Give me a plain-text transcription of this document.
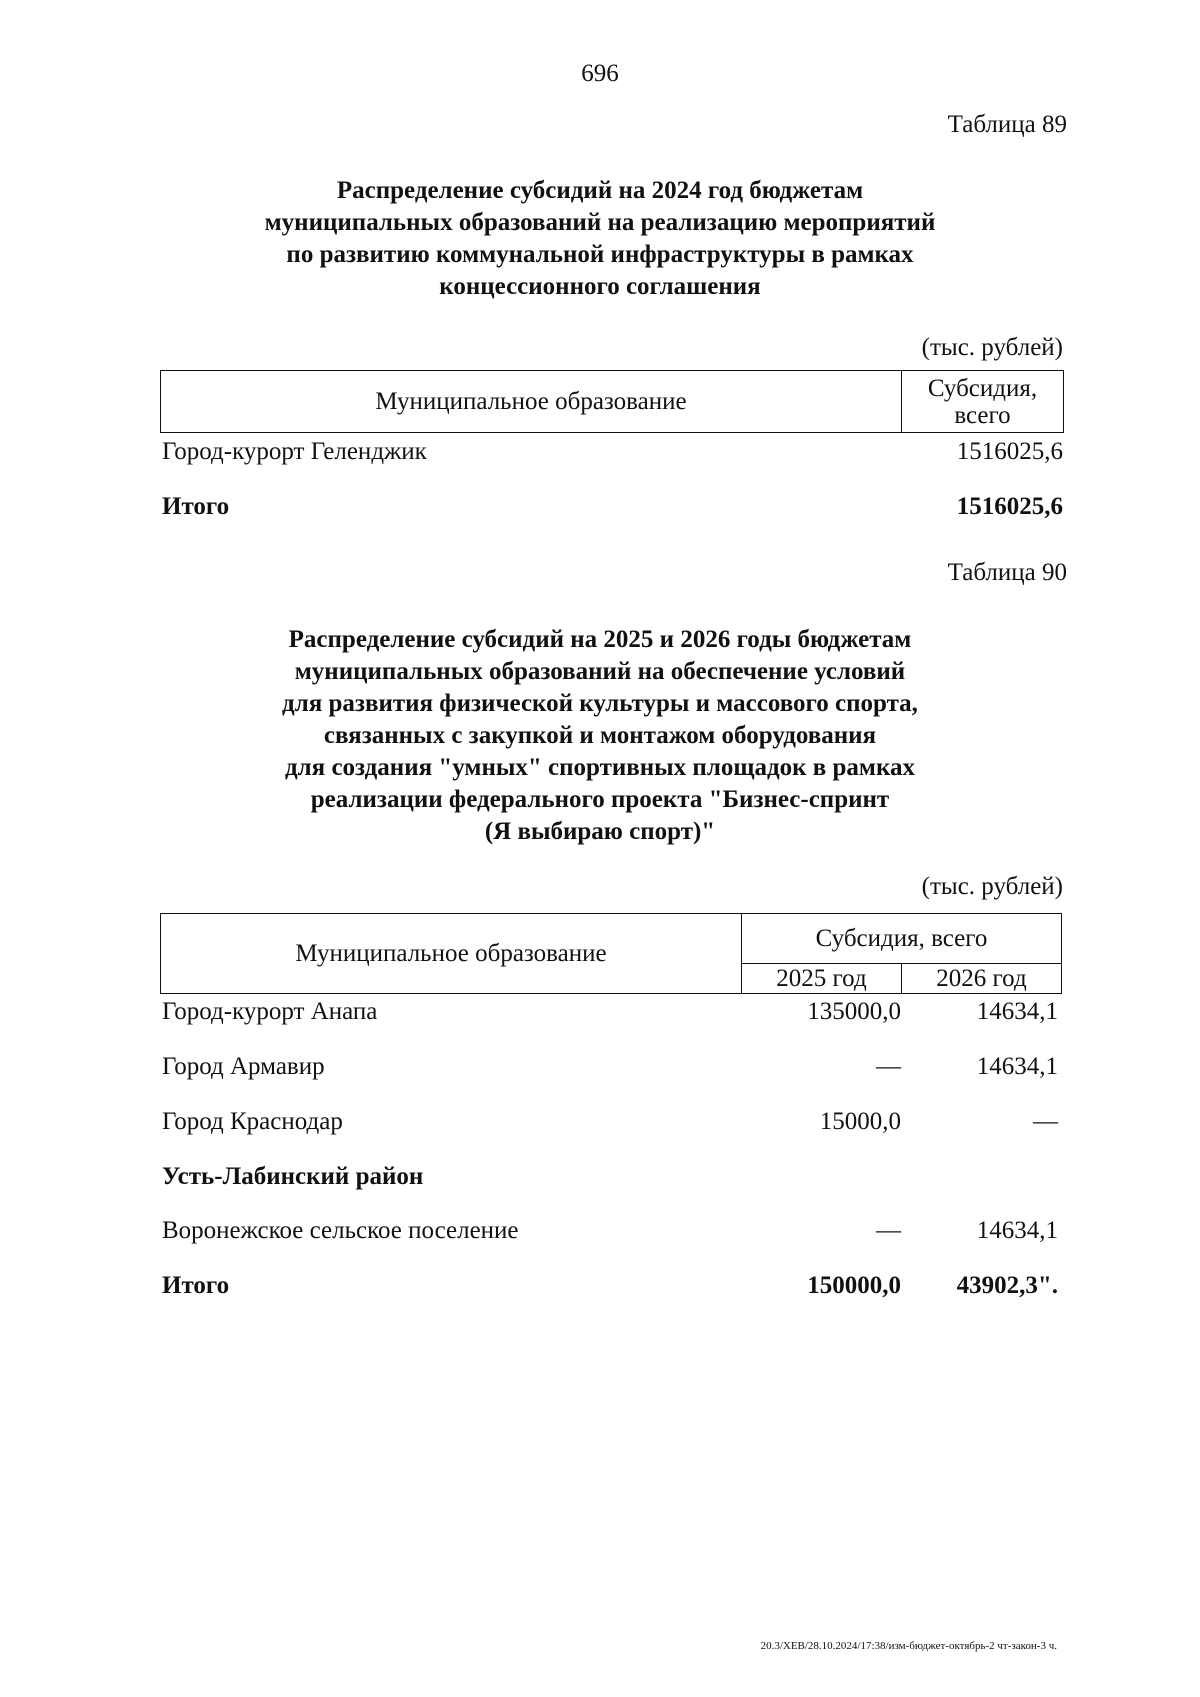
696
Таблица 89
Распределение субсидий на 2024 год бюджетам
муниципальных образований на реализацию мероприятий
по развитию коммунальной инфраструктуры в рамках
концессионного соглашения
(тыс. рублей)
Муниципальное образование	Субсидия,
всего
Город-курорт Геленджик	1516025,6
Итого	1516025,6
Таблица 90
Распределение субсидий на 2025 и 2026 годы бюджетам
муниципальных образований на обеспечение условий
для развития физической культуры и массового спорта,
связанных с закупкой и монтажом оборудования
для создания "умных" спортивных площадок в рамках
реализации федерального проекта "Бизнес-спринт
(Я выбираю спорт)"
(тыс. рублей)
Муниципальное образование	Субсидия, всего	
	2025 год	2026 год
Город-курорт Анапа	135000,0	14634,1
Город Армавир	—	14634,1
Город Краснодар	15000,0	—
Усть-Лабинский район
Воронежское сельское поселение	—	14634,1
Итого	150000,0 43902,3".
20.3/ХЕВ/28.10.2024/17:38/изм-бюджет-октябрь-2 чт-закон-3 ч.
